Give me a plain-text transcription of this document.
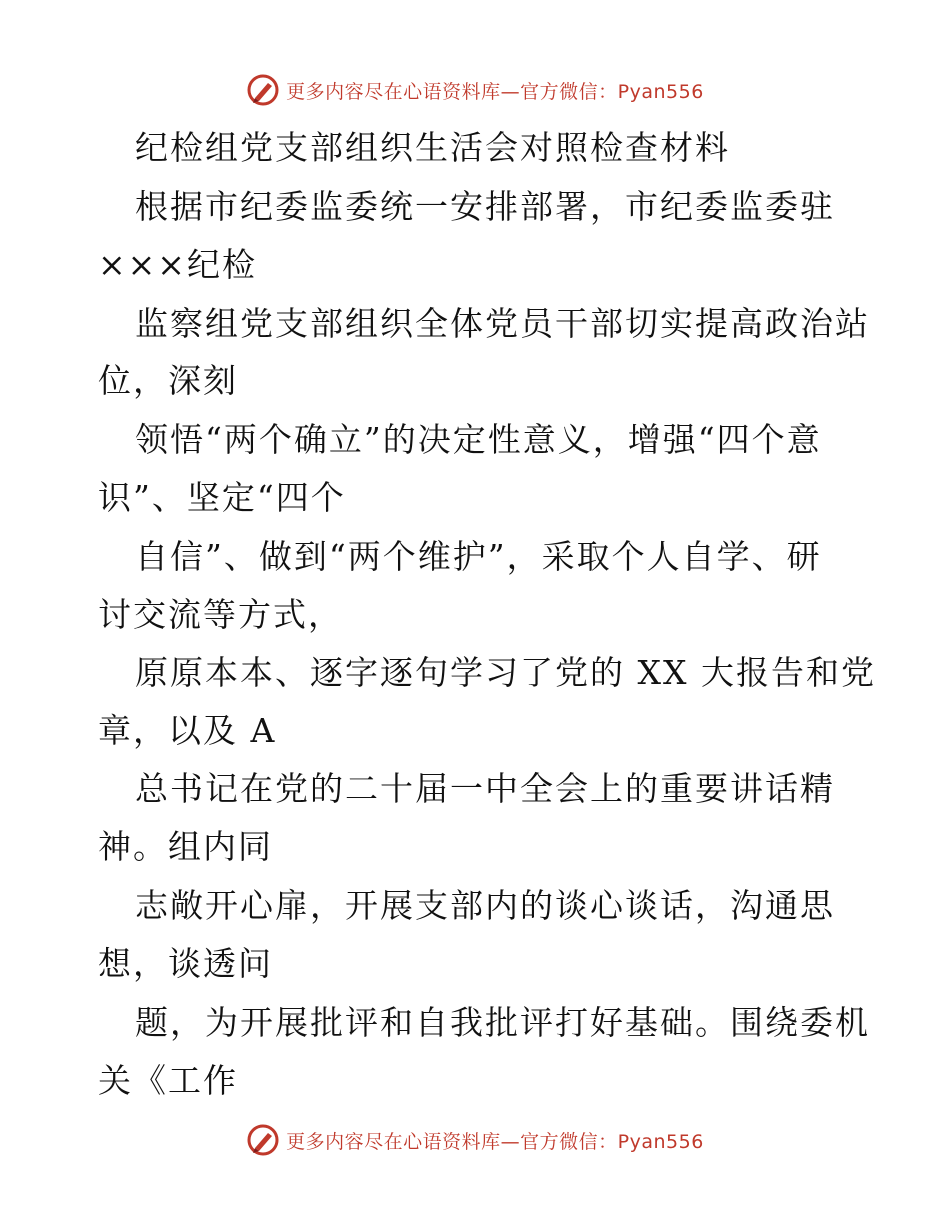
更多内容尽在心语资料库—官方微信：Pyan556
纪检组党支部组织生活会对照检查材料
根据市纪委监委统一安排部署，市纪委监委驻
×××纪检
监察组党支部组织全体党员干部切实提高政治站
位，深刻
领悟“两个确立”的决定性意义，增强“四个意
识”、坚定“四个
自信”、做到“两个维护”，采取个人自学、研
讨交流等方式，
原原本本、逐字逐句学习了党的 XX 大报告和党
章，以及 A
总书记在党的二十届一中全会上的重要讲话精
神。组内同
志敞开心扉，开展支部内的谈心谈话，沟通思
想，谈透问
题，为开展批评和自我批评打好基础。围绕委机
关《工作
更多内容尽在心语资料库—官方微信：Pyan556
